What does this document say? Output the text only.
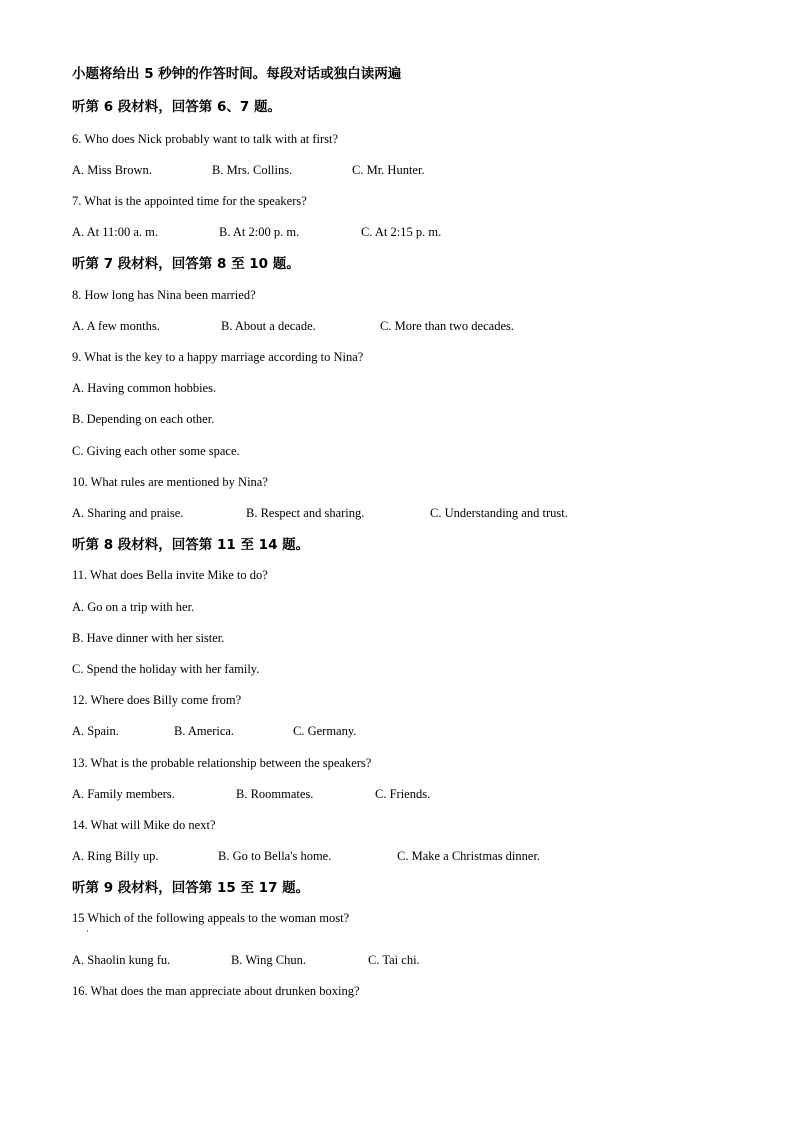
小题将给出 5 秒钟的作答时间。每段对话或独白读两遍
听第 6 段材料，回答第 6、7 题。
6. Who does Nick probably want to talk with at first?
A. Miss Brown.	B. Mrs. Collins.	C. Mr. Hunter.
7. What is the appointed time for the speakers?
A. At 11:00 a. m.	B. At 2:00 p. m.	C. At 2:15 p. m.
听第 7 段材料，回答第 8 至 10 题。
8. How long has Nina been married?
A. A few months.	B. About a decade.	C. More than two decades.
9. What is the key to a happy marriage according to Nina?
A. Having common hobbies.
B. Depending on each other.
C. Giving each other some space.
10. What rules are mentioned by Nina?
A. Sharing and praise.	B. Respect and sharing.	C. Understanding and trust.
听第 8 段材料，回答第 11 至 14 题。
11. What does Bella invite Mike to do?
A. Go on a trip with her.
B. Have dinner with her sister.
C. Spend the holiday with her family.
12. Where does Billy come from?
A. Spain.	B. America.	C. Germany.
13. What is the probable relationship between the speakers?
A. Family members.	B. Roommates.	C. Friends.
14. What will Mike do next?
A. Ring Billy up.	B. Go to Bella's home.	C. Make a Christmas dinner.
听第 9 段材料，回答第 15 至 17 题。
15 Which of the following appeals to the woman most?
·
A. Shaolin kung fu.	B. Wing Chun.	C. Tai chi.
16. What does the man appreciate about drunken boxing?
